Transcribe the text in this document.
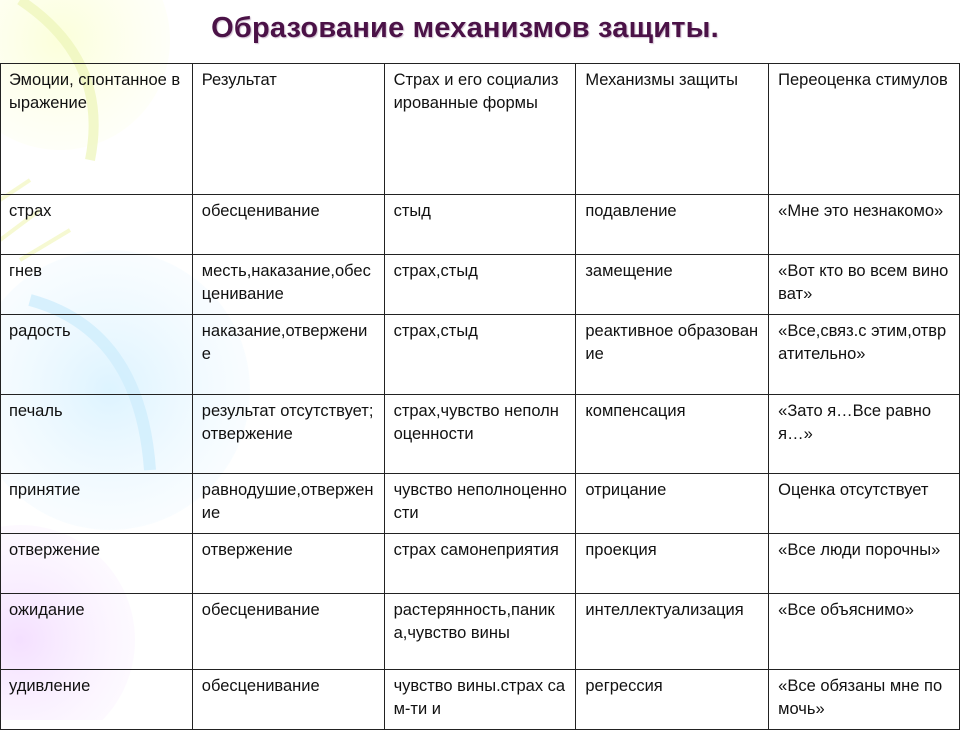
Образование механизмов защиты.
Эмоции, спонтанное выражение	Результат	Страх и его социализированные формы	Механизмы защиты	Переоценка стимулов
страх	обесценивание	стыд	подавление	«Мне это незнакомо»
гнев	месть,наказание,обесценивание	страх,стыд	замещение	«Вот кто во всем виноват»
радость	наказание,отвержение	страх,стыд	реактивное образование	«Все,связ.с этим,отвратительно»
печаль	результат отсутствует;отвержение	страх,чувство неполноценности	компенсация	«Зато я…Все равно я…»
принятие	равнодушие,отвержение	чувство неполноценности	отрицание	Оценка отсутствует
отвержение	отвержение	страх самонеприятия	проекция	«Все люди порочны»
ожидание	обесценивание	растерянность,паника,чувство вины	интеллектуализация	«Все объяснимо»
удивление	обесценивание	чувство вины.страх сам-ти и	регрессия	«Все обязаны мне помочь»
